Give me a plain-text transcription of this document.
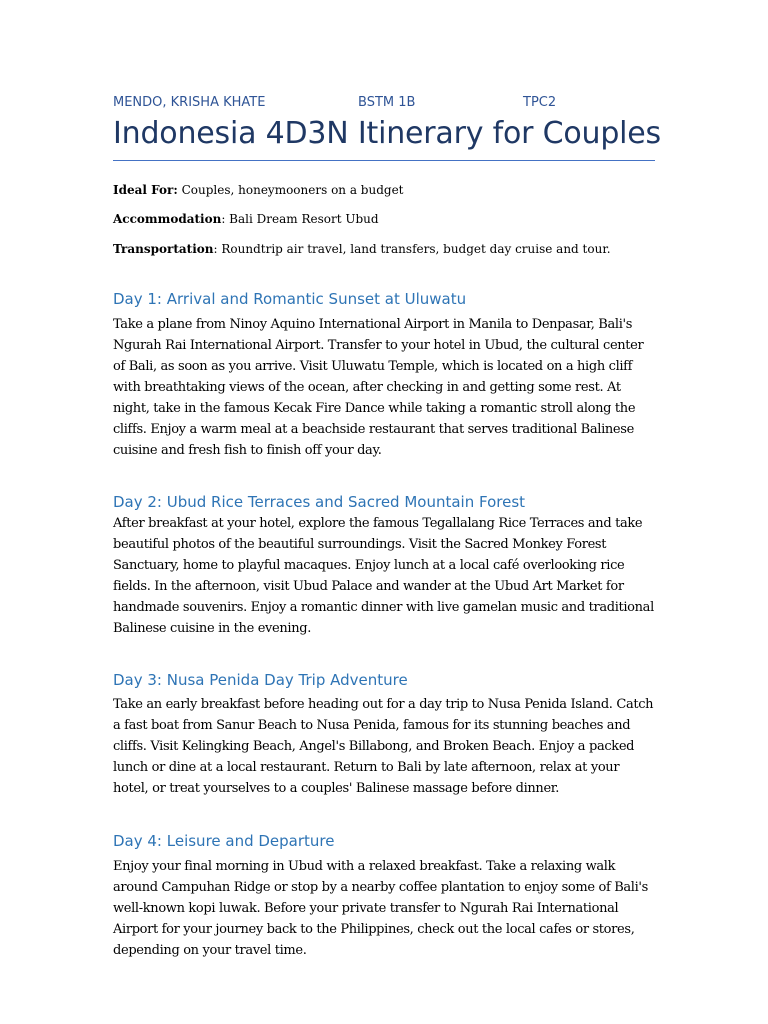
MENDO, KRISHA KHATE	BSTM 1B	TPC2
Indonesia 4D3N Itinerary for Couples
Ideal For: Couples, honeymooners on a budget
Accommodation: Bali Dream Resort Ubud
Transportation: Roundtrip air travel, land transfers, budget day cruise and tour.
Day 1: Arrival and Romantic Sunset at Uluwatu

Take a plane from Ninoy Aquino International Airport in Manila to Denpasar, Bali's Ngurah Rai International Airport. Transfer to your hotel in Ubud, the cultural center of Bali, as soon as you arrive. Visit Uluwatu Temple, which is located on a high cliff with breathtaking views of the ocean, after checking in and getting some rest. At night, take in the famous Kecak Fire Dance while taking a romantic stroll along the cliffs. Enjoy a warm meal at a beachside restaurant that serves traditional Balinese cuisine and fresh fish to finish off your day.

Day 2: Ubud Rice Terraces and Sacred Mountain Forest

After breakfast at your hotel, explore the famous Tegallalang Rice Terraces and take beautiful photos of the beautiful surroundings. Visit the Sacred Monkey Forest Sanctuary, home to playful macaques. Enjoy lunch at a local café overlooking rice fields. In the afternoon, visit Ubud Palace and wander at the Ubud Art Market for handmade souvenirs. Enjoy a romantic dinner with live gamelan music and traditional Balinese cuisine in the evening.

Day 3: Nusa Penida Day Trip Adventure

Take an early breakfast before heading out for a day trip to Nusa Penida Island. Catch a fast boat from Sanur Beach to Nusa Penida, famous for its stunning beaches and cliffs. Visit Kelingking Beach, Angel's Billabong, and Broken Beach. Enjoy a packed lunch or dine at a local restaurant. Return to Bali by late afternoon, relax at your hotel, or treat yourselves to a couples' Balinese massage before dinner.

Day 4: Leisure and Departure

Enjoy your final morning in Ubud with a relaxed breakfast. Take a relaxing walk around Campuhan Ridge or stop by a nearby coffee plantation to enjoy some of Bali's well-known kopi luwak. Before your private transfer to Ngurah Rai International Airport for your journey back to the Philippines, check out the local cafes or stores, depending on your travel time.
